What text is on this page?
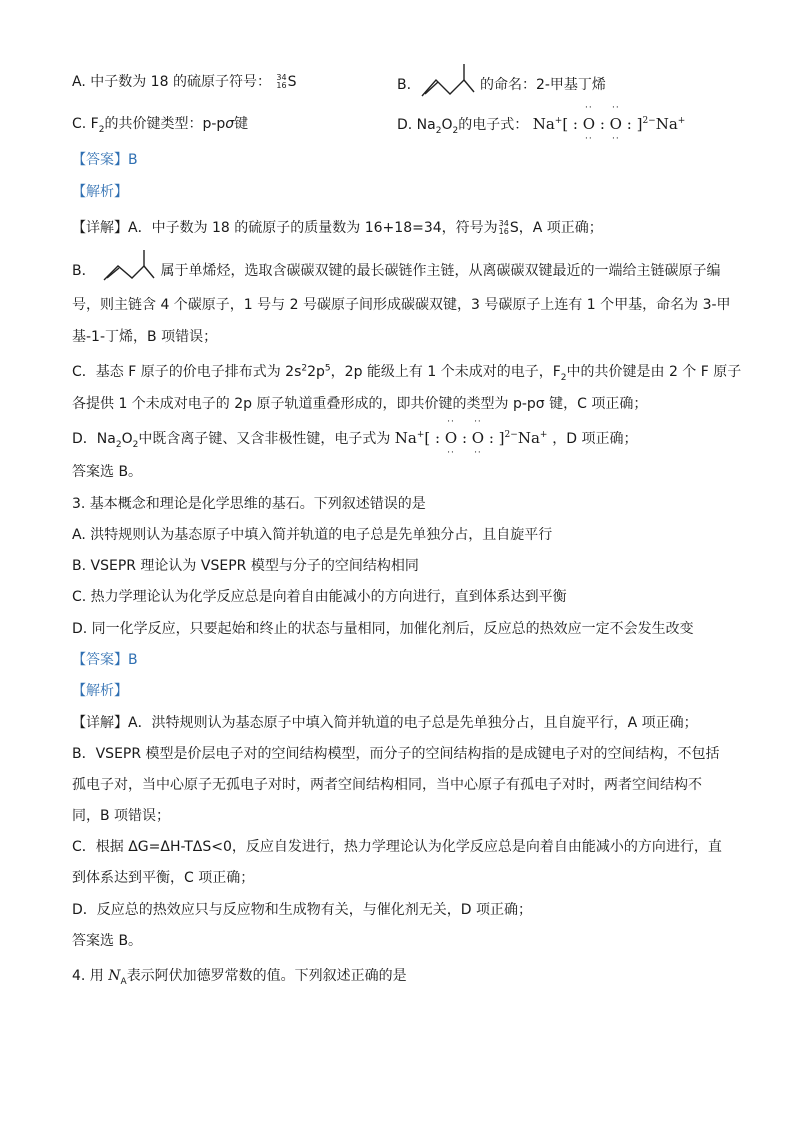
A. 中子数为 18 的硫原子符号： 34
16 S	B.	的命名：2-甲基丁烯
C. $F_2$的共价键类型：p-pσ键	D. $Na_2O_2$的电子式： Na+[ :
··
O
··
:
··
O
··
: ]$^{2-}$Na+
【答案】B
【解析】
【详解】A．中子数为 18 的硫原子的质量数为 16+18=34，符号为 34
16 S，A 项正确；
B．	属于单烯烃，选取含碳碳双键的最长碳链作主链，从离碳碳双键最近的一端给主链碳原子编
号，则主链含 4 个碳原子，1 号与 2 号碳原子间形成碳碳双键，3 号碳原子上连有 1 个甲基，命名为 3-甲
基-1-丁烯，B 项错误；
C．基态 F 原子的价电子排布式为 $2s^22p^5$，2p 能级上有 1 个未成对的电子，$F_2$中的共价键是由 2 个 F 原子
各提供 1 个未成对电子的 2p 原子轨道重叠形成的，即共价键的类型为 p-pσ 键，C 项正确；
D．$Na_2O_2$中既含离子键、又含非极性键，电子式为 Na+[ :
··
O
··
:
··
O
··
: ]$^{2-}$Na+ ，D 项正确；
答案选 B。
3. 基本概念和理论是化学思维的基石。下列叙述错误的是
A. 洪特规则认为基态原子中填入简并轨道的电子总是先单独分占，且自旋平行
B. VSEPR 理论认为 VSEPR 模型与分子的空间结构相同
C. 热力学理论认为化学反应总是向着自由能减小的方向进行，直到体系达到平衡
D. 同一化学反应，只要起始和终止的状态与量相同，加催化剂后，反应总的热效应一定不会发生改变
【答案】B
【解析】
【详解】A．洪特规则认为基态原子中填入简并轨道的电子总是先单独分占，且自旋平行，A 项正确；
B．VSEPR 模型是价层电子对的空间结构模型，而分子的空间结构指的是成键电子对的空间结构，不包括
孤电子对，当中心原子无孤电子对时，两者空间结构相同，当中心原子有孤电子对时，两者空间结构不
同，B 项错误；
C．根据 ΔG=ΔH-TΔS<0，反应自发进行，热力学理论认为化学反应总是向着自由能减小的方向进行，直
到体系达到平衡，C 项正确；
D．反应总的热效应只与反应物和生成物有关，与催化剂无关，D 项正确；
答案选 B。
4. 用 $N_A$表示阿伏加德罗常数的值。下列叙述正确的是
